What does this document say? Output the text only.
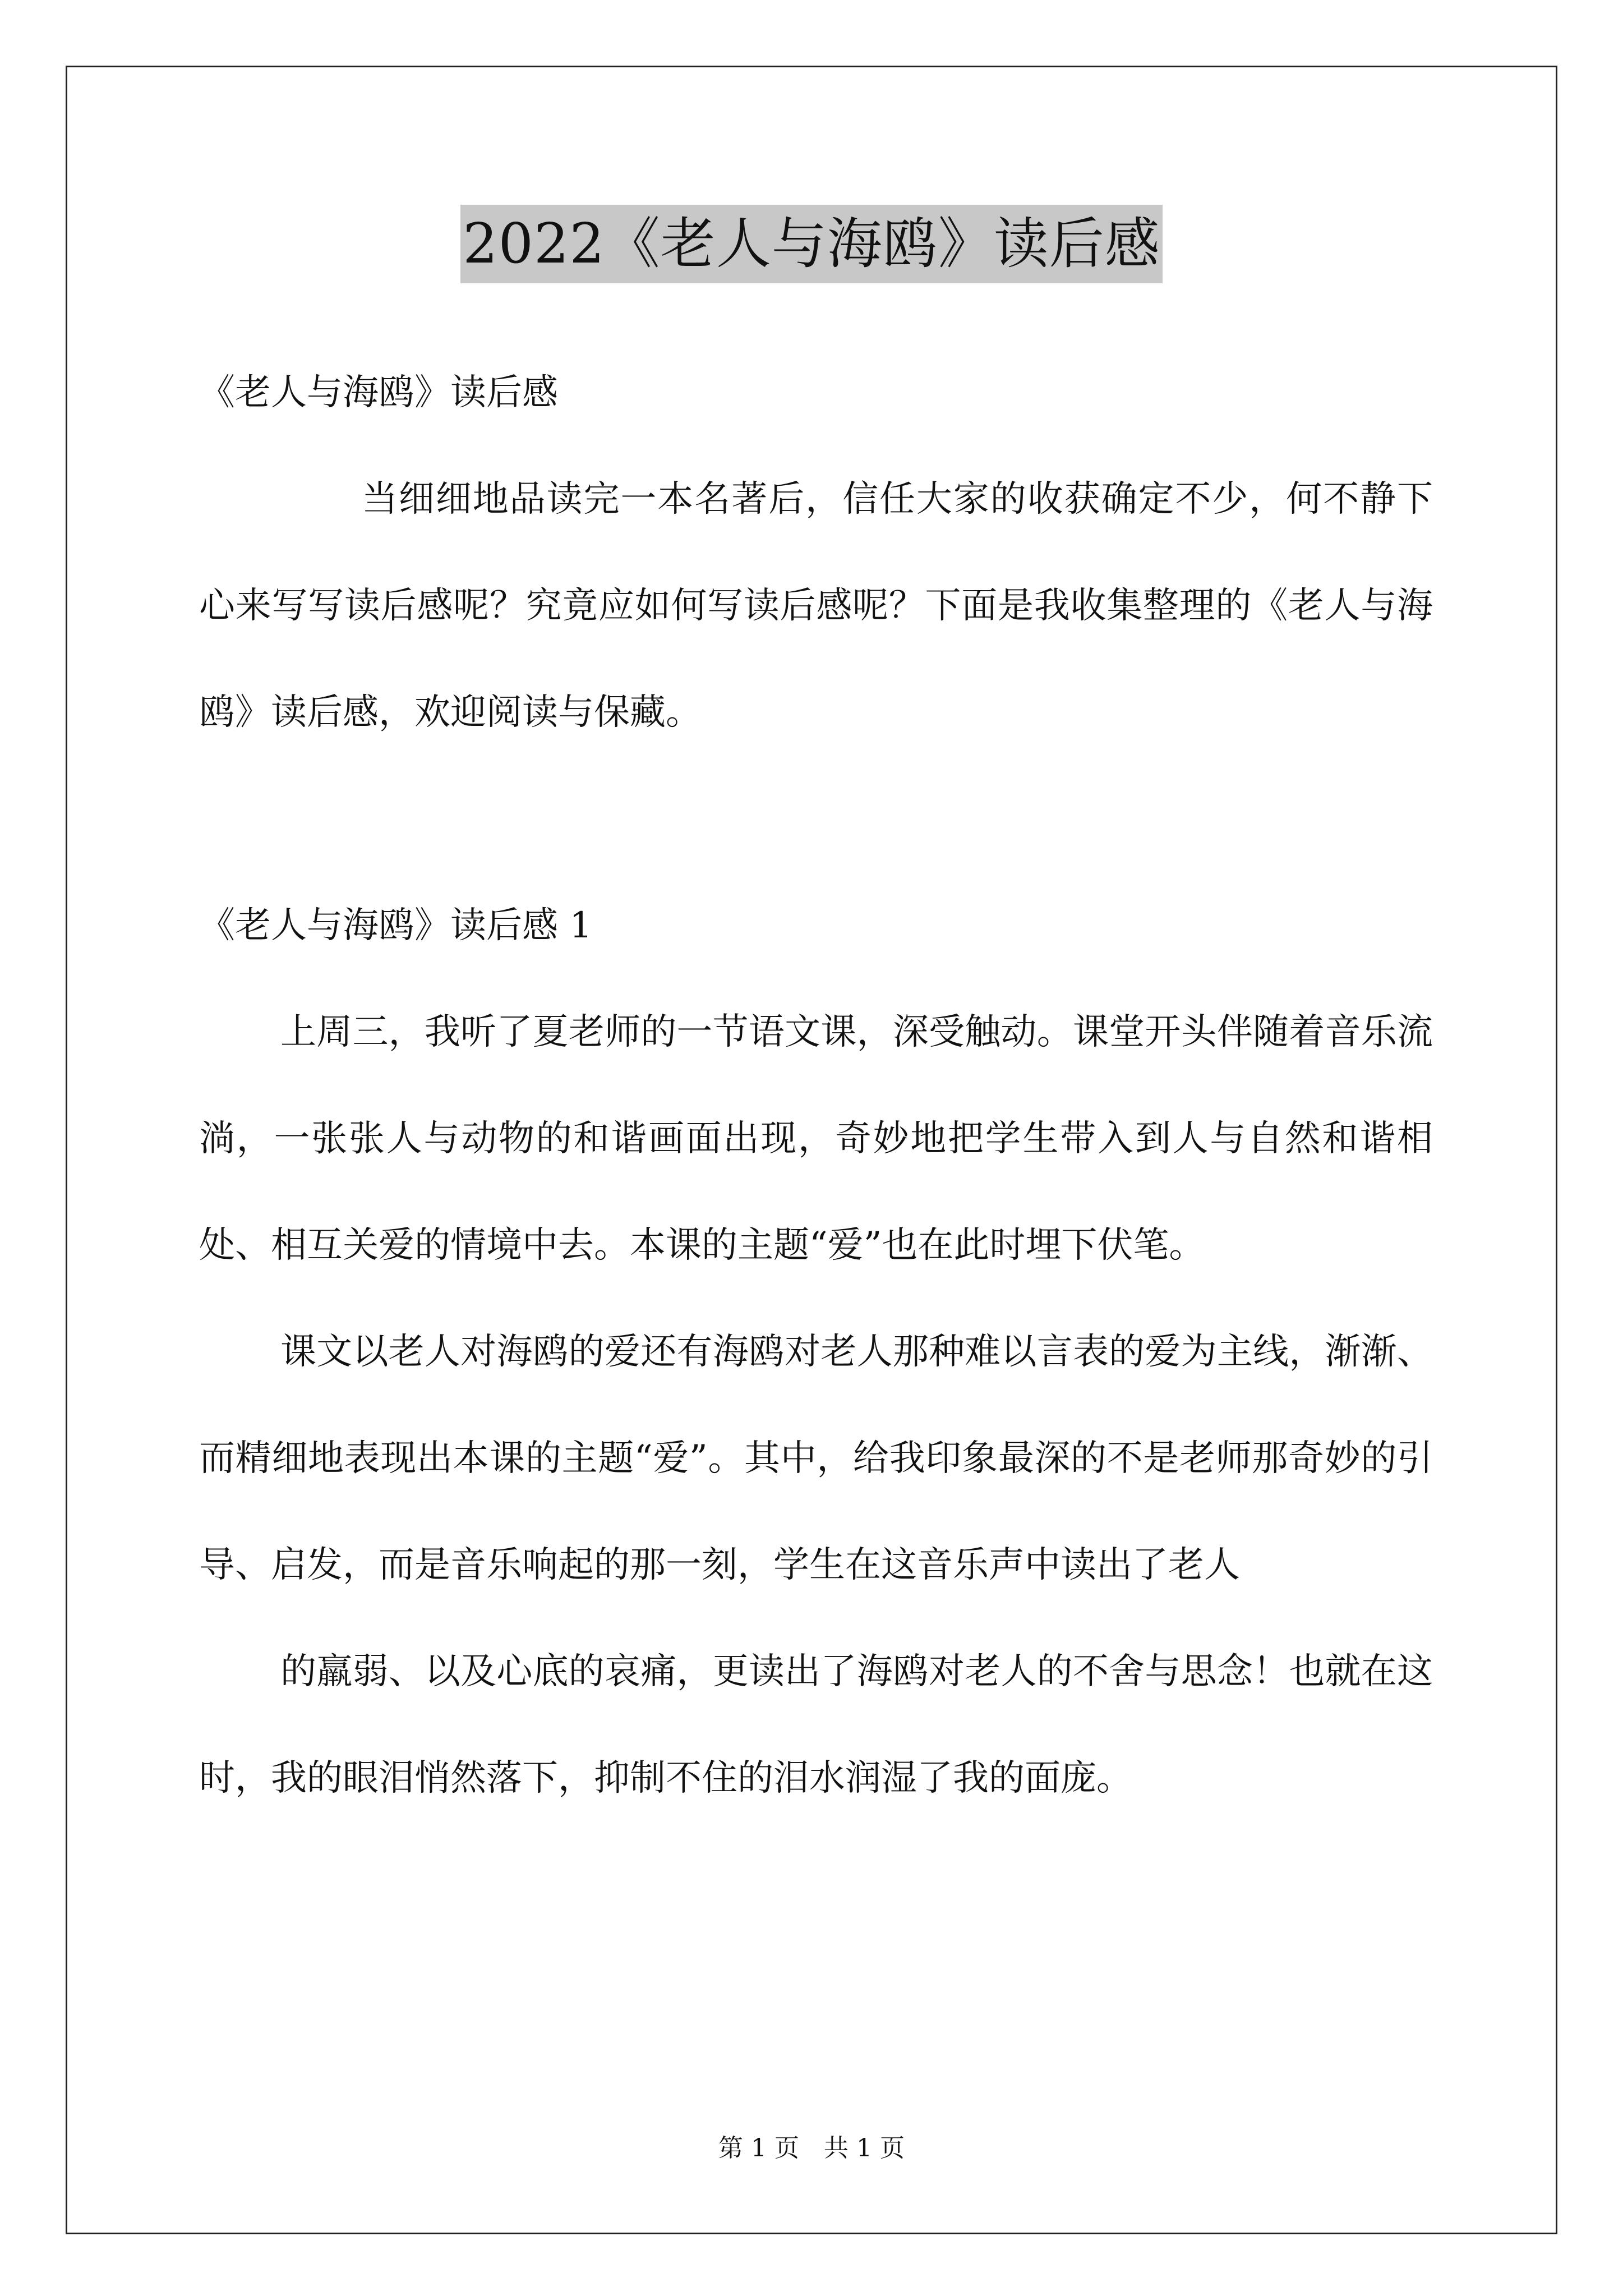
2022《老人与海鸥》读后感

《老人与海鸥》读后感

当细细地品读完一本名著后，信任大家的收获确定不少，何不静下心来写写读后感呢？究竟应如何写读后感呢？下面是我收集整理的《老人与海鸥》读后感，欢迎阅读与保藏。

《老人与海鸥》读后感 1

上周三，我听了夏老师的一节语文课，深受触动。课堂开头伴随着音乐流淌，一张张人与动物的和谐画面出现，奇妙地把学生带入到人与自然和谐相处、相互关爱的情境中去。本课的主题“爱”也在此时埋下伏笔。

课文以老人对海鸥的爱还有海鸥对老人那种难以言表的爱为主线，渐渐、而精细地表现出本课的主题“爱”。其中，给我印象最深的不是老师那奇妙的引导、启发，而是音乐响起的那一刻，学生在这音乐声中读出了老人

的羸弱、以及心底的哀痛，更读出了海鸥对老人的不舍与思念！也就在这时，我的眼泪悄然落下，抑制不住的泪水润湿了我的面庞。

第 1 页　共 1 页
